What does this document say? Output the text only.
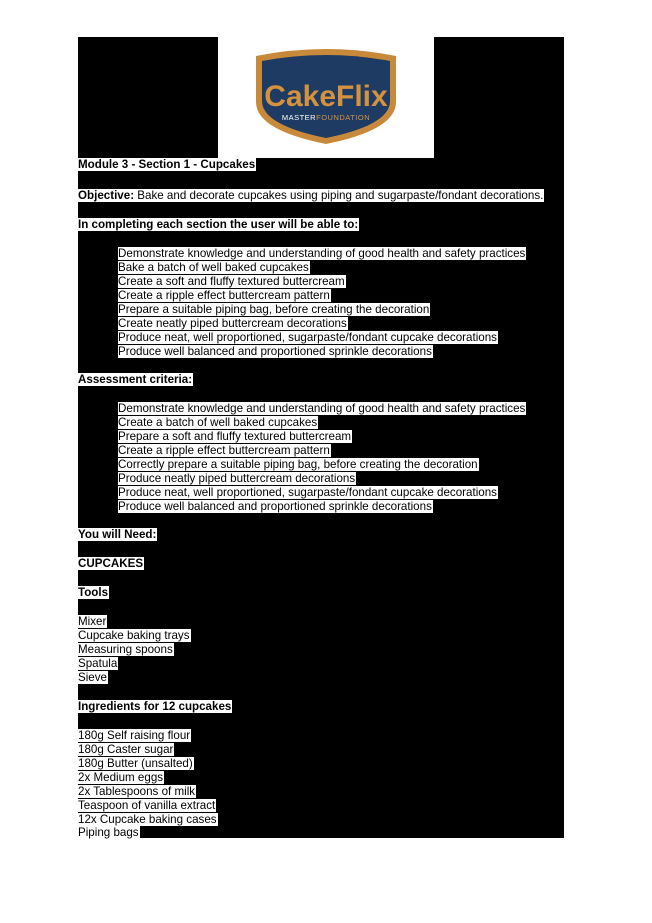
CakeFlix
MASTERFOUNDATION
Module 3 - Section 1 - Cupcakes
Objective: Bake and decorate cupcakes using piping and sugarpaste/fondant decorations.
In completing each section the user will be able to:
Demonstrate knowledge and understanding of good health and safety practices
Bake a batch of well baked cupcakes
Create a soft and fluffy textured buttercream
Create a ripple effect buttercream pattern
Prepare a suitable piping bag, before creating the decoration
Create neatly piped buttercream decorations
Produce neat, well proportioned, sugarpaste/fondant cupcake decorations
Produce well balanced and proportioned sprinkle decorations
Assessment criteria:
Demonstrate knowledge and understanding of good health and safety practices
Create a batch of well baked cupcakes
Prepare a soft and fluffy textured buttercream
Create a ripple effect buttercream pattern
Correctly prepare a suitable piping bag, before creating the decoration
Produce neatly piped buttercream decorations
Produce neat, well proportioned, sugarpaste/fondant cupcake decorations
Produce well balanced and proportioned sprinkle decorations
You will Need:
CUPCAKES
Tools
Mixer
Cupcake baking trays
Measuring spoons
Spatula
Sieve
Ingredients for 12 cupcakes
180g Self raising flour
180g Caster sugar
180g Butter (unsalted)
2x Medium eggs
2x Tablespoons of milk
Teaspoon of vanilla extract
12x Cupcake baking cases
Piping bags
